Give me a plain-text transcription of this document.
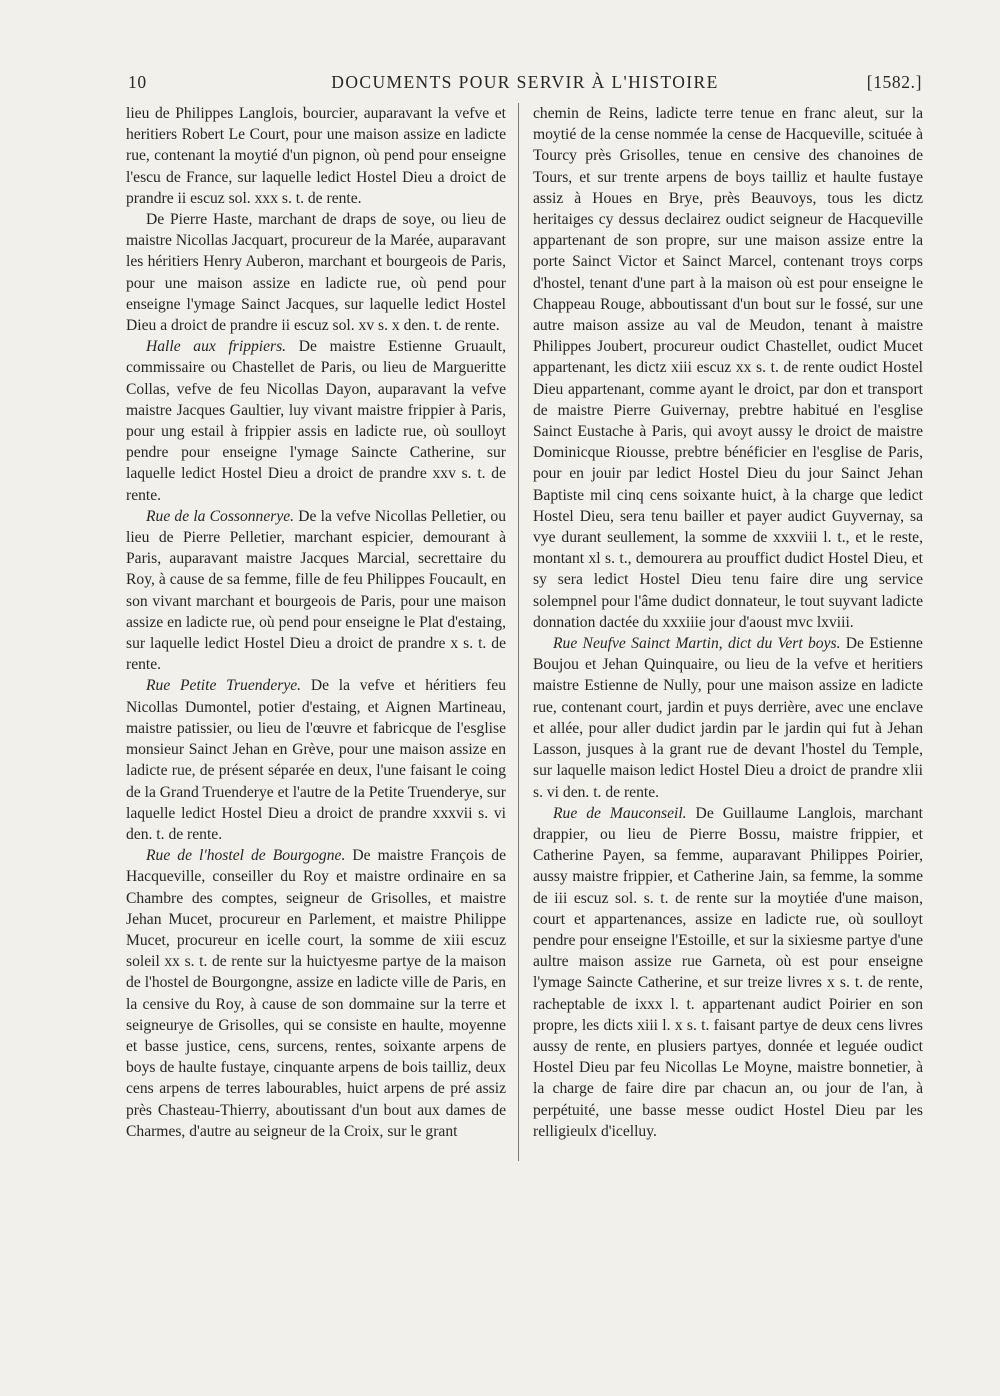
10	DOCUMENTS POUR SERVIR À L'HISTOIRE	[1582.]

lieu de Philippes Langlois, bourcier, auparavant la vefve et heritiers Robert Le Court, pour une maison assize en ladicte rue, contenant la moytié d'un pignon, où pend pour enseigne l'escu de France, sur laquelle ledict Hostel Dieu a droict de prandre ii escuz sol. xxx s. t. de rente.

De Pierre Haste, marchant de draps de soye, ou lieu de maistre Nicollas Jacquart, procureur de la Marée, auparavant les héritiers Henry Auberon, marchant et bourgeois de Paris, pour une maison assize en ladicte rue, où pend pour enseigne l'ymage Sainct Jacques, sur laquelle ledict Hostel Dieu a droict de prandre ii escuz sol. xv s. x den. t. de rente.

Halle aux frippiers. De maistre Estienne Gruault, commissaire ou Chastellet de Paris, ou lieu de Margueritte Collas, vefve de feu Nicollas Dayon, auparavant la vefve maistre Jacques Gaultier, luy vivant maistre frippier à Paris, pour ung estail à frippier assis en ladicte rue, où soulloyt pendre pour enseigne l'ymage Saincte Catherine, sur laquelle ledict Hostel Dieu a droict de prandre xxv s. t. de rente.

Rue de la Cossonnerye. De la vefve Nicollas Pelletier, ou lieu de Pierre Pelletier, marchant espicier, demourant à Paris, auparavant maistre Jacques Marcial, secrettaire du Roy, à cause de sa femme, fille de feu Philippes Foucault, en son vivant marchant et bourgeois de Paris, pour une maison assize en ladicte rue, où pend pour enseigne le Plat d'estaing, sur laquelle ledict Hostel Dieu a droict de prandre x s. t. de rente.

Rue Petite Truenderye. De la vefve et héritiers feu Nicollas Dumontel, potier d'estaing, et Aignen Martineau, maistre patissier, ou lieu de l'œuvre et fabricque de l'esglise monsieur Sainct Jehan en Grève, pour une maison assize en ladicte rue, de présent séparée en deux, l'une faisant le coing de la Grand Truenderye et l'autre de la Petite Truenderye, sur laquelle ledict Hostel Dieu a droict de prandre xxxvii s. vi den. t. de rente.

Rue de l'hostel de Bourgogne. De maistre François de Hacqueville, conseiller du Roy et maistre ordinaire en sa Chambre des comptes, seigneur de Grisolles, et maistre Jehan Mucet, procureur en Parlement, et maistre Philippe Mucet, procureur en icelle court, la somme de xiii escuz soleil xx s. t. de rente sur la huictyesme partye de la maison de l'hostel de Bourgongne, assize en ladicte ville de Paris, en la censive du Roy, à cause de son dommaine sur la terre et seigneurye de Grisolles, qui se consiste en haulte, moyenne et basse justice, cens, surcens, rentes, soixante arpens de boys de haulte fustaye, cinquante arpens de bois tailliz, deux cens arpens de terres labourables, huict arpens de pré assiz près Chasteau-Thierry, aboutissant d'un bout aux dames de Charmes, d'autre au seigneur de la Croix, sur le grant

chemin de Reins, ladicte terre tenue en franc aleut, sur la moytié de la cense nommée la cense de Hacqueville, scituée à Tourcy près Grisolles, tenue en censive des chanoines de Tours, et sur trente arpens de boys tailliz et haulte fustaye assiz à Houes en Brye, près Beauvoys, tous les dictz heritaiges cy dessus declairez oudict seigneur de Hacqueville appartenant de son propre, sur une maison assize entre la porte Sainct Victor et Sainct Marcel, contenant troys corps d'hostel, tenant d'une part à la maison où est pour enseigne le Chappeau Rouge, abboutissant d'un bout sur le fossé, sur une autre maison assize au val de Meudon, tenant à maistre Philippes Joubert, procureur oudict Chastellet, oudict Mucet appartenant, les dictz xiii escuz xx s. t. de rente oudict Hostel Dieu appartenant, comme ayant le droict, par don et transport de maistre Pierre Guivernay, prebtre habitué en l'esglise Sainct Eustache à Paris, qui avoyt aussy le droict de maistre Dominicque Riousse, prebtre bénéficier en l'esglise de Paris, pour en jouir par ledict Hostel Dieu du jour Sainct Jehan Baptiste mil cinq cens soixante huict, à la charge que ledict Hostel Dieu, sera tenu bailler et payer audict Guyvernay, sa vye durant seullement, la somme de xxxviii l. t., et le reste, montant xl s. t., demourera au prouffict dudict Hostel Dieu, et sy sera ledict Hostel Dieu tenu faire dire ung service solempnel pour l'âme dudict donnateur, le tout suyvant ladicte donnation dactée du xxxiiie jour d'aoust mvc lxviii.

Rue Neufve Sainct Martin, dict du Vert boys. De Estienne Boujou et Jehan Quinquaire, ou lieu de la vefve et heritiers maistre Estienne de Nully, pour une maison assize en ladicte rue, contenant court, jardin et puys derrière, avec une enclave et allée, pour aller dudict jardin par le jardin qui fut à Jehan Lasson, jusques à la grant rue de devant l'hostel du Temple, sur laquelle maison ledict Hostel Dieu a droict de prandre xlii s. vi den. t. de rente.

Rue de Mauconseil. De Guillaume Langlois, marchant drappier, ou lieu de Pierre Bossu, maistre frippier, et Catherine Payen, sa femme, auparavant Philippes Poirier, aussy maistre frippier, et Catherine Jain, sa femme, la somme de iii escuz sol. s. t. de rente sur la moytiée d'une maison, court et appartenances, assize en ladicte rue, où soulloyt pendre pour enseigne l'Estoille, et sur la sixiesme partye d'une aultre maison assize rue Garneta, où est pour enseigne l'ymage Saincte Catherine, et sur treize livres x s. t. de rente, racheptable de ixxx l. t. appartenant audict Poirier en son propre, les dicts xiii l. x s. t. faisant partye de deux cens livres aussy de rente, en plusiers partyes, donnée et leguée oudict Hostel Dieu par feu Nicollas Le Moyne, maistre bonnetier, à la charge de faire dire par chacun an, ou jour de l'an, à perpétuité, une basse messe oudict Hostel Dieu par les relligieulx d'icelluy.
